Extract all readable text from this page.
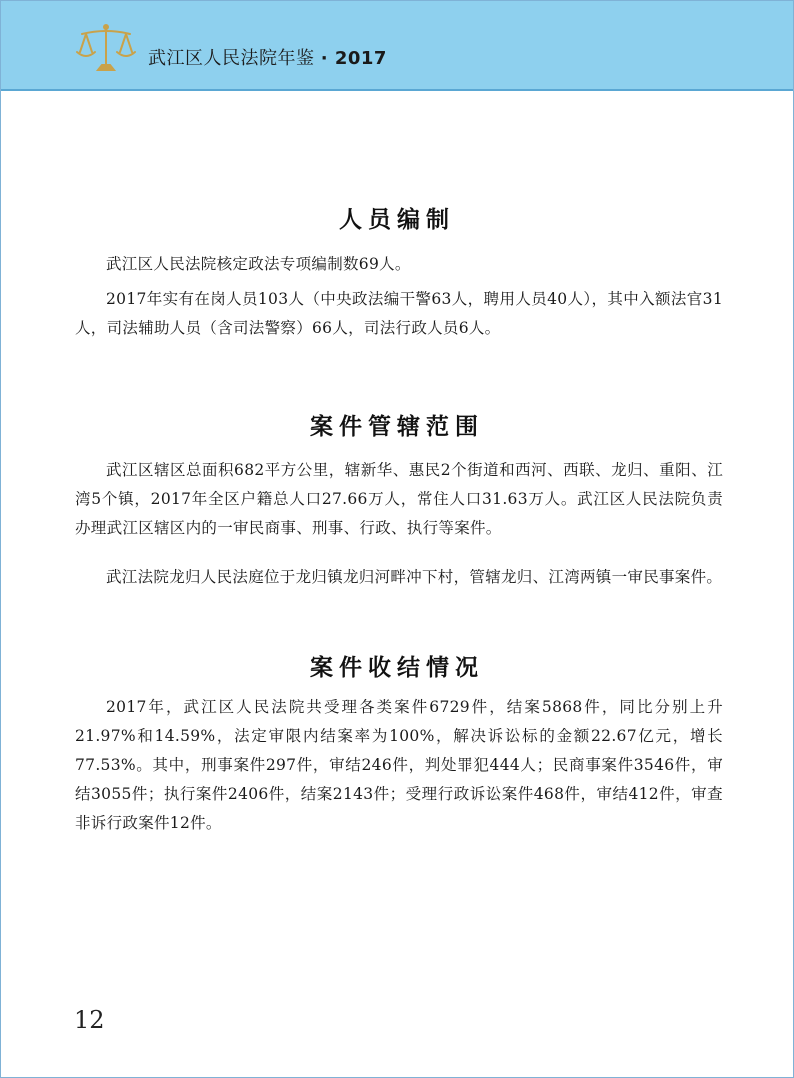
武江区人民法院年鉴 · 2017
人员编制
武江区人民法院核定政法专项编制数69人。
2017年实有在岗人员103人（中央政法编干警63人，聘用人员40人），其中入额法官31人，司法辅助人员（含司法警察）66人，司法行政人员6人。
案件管辖范围
武江区辖区总面积682平方公里，辖新华、惠民2个街道和西河、西联、龙归、重阳、江湾5个镇，2017年全区户籍总人口27.66万人，常住人口31.63万人。武江区人民法院负责办理武江区辖区内的一审民商事、刑事、行政、执行等案件。
武江法院龙归人民法庭位于龙归镇龙归河畔冲下村，管辖龙归、江湾两镇一审民事案件。
案件收结情况
2017年，武江区人民法院共受理各类案件6729件，结案5868件，同比分别上升21.97%和14.59%，法定审限内结案率为100%，解决诉讼标的金额22.67亿元，增长77.53%。其中，刑事案件297件，审结246件，判处罪犯444人；民商事案件3546件，审结3055件；执行案件2406件，结案2143件；受理行政诉讼案件468件，审结412件，审查非诉行政案件12件。
12
